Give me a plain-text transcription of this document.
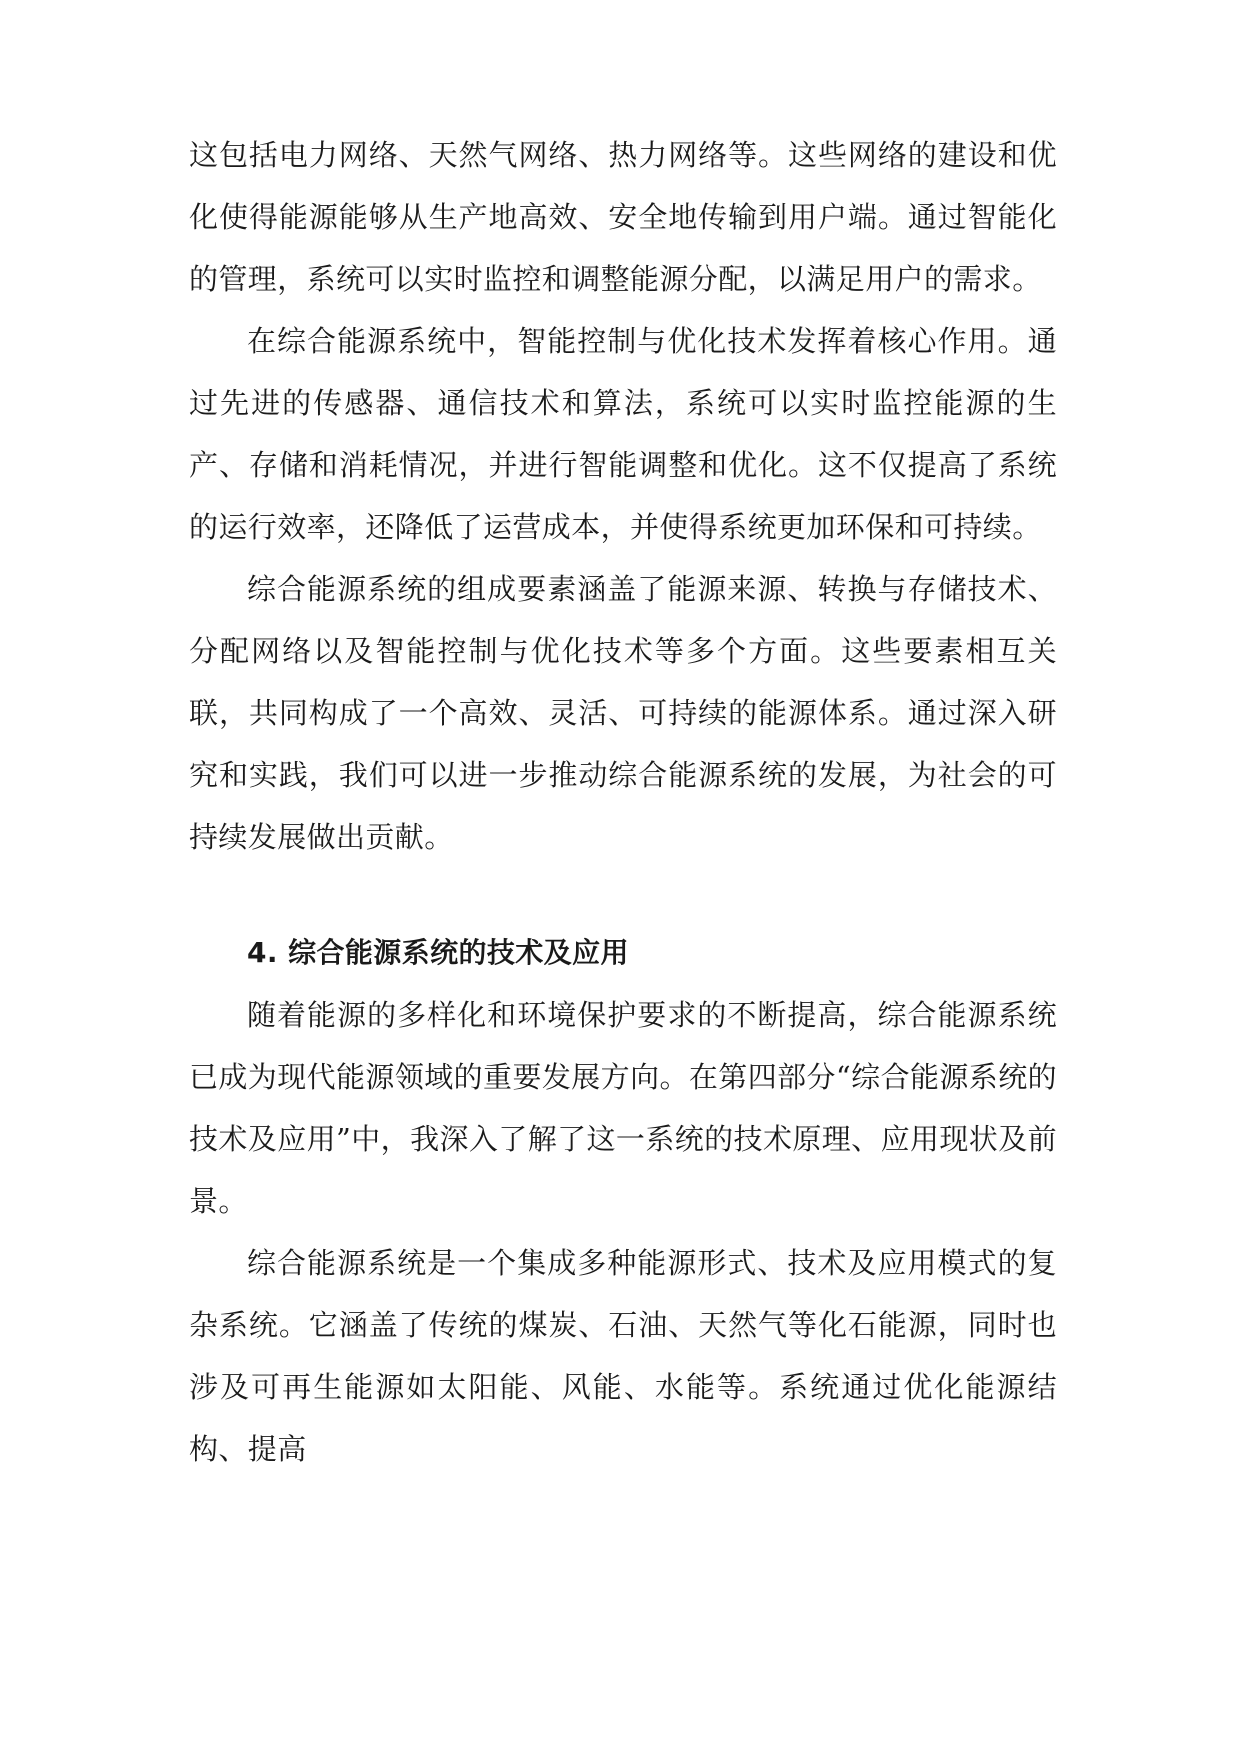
这包括电力网络、天然气网络、热力网络等。这些网络的建设和优化使得能源能够从生产地高效、安全地传输到用户端。通过智能化的管理，系统可以实时监控和调整能源分配，以满足用户的需求。

在综合能源系统中，智能控制与优化技术发挥着核心作用。通过先进的传感器、通信技术和算法，系统可以实时监控能源的生产、存储和消耗情况，并进行智能调整和优化。这不仅提高了系统的运行效率，还降低了运营成本，并使得系统更加环保和可持续。

综合能源系统的组成要素涵盖了能源来源、转换与存储技术、分配网络以及智能控制与优化技术等多个方面。这些要素相互关联，共同构成了一个高效、灵活、可持续的能源体系。通过深入研究和实践，我们可以进一步推动综合能源系统的发展，为社会的可持续发展做出贡献。

4. 综合能源系统的技术及应用

随着能源的多样化和环境保护要求的不断提高，综合能源系统已成为现代能源领域的重要发展方向。在第四部分“综合能源系统的技术及应用”中，我深入了解了这一系统的技术原理、应用现状及前景。

综合能源系统是一个集成多种能源形式、技术及应用模式的复杂系统。它涵盖了传统的煤炭、石油、天然气等化石能源，同时也涉及可再生能源如太阳能、风能、水能等。系统通过优化能源结构、提高
